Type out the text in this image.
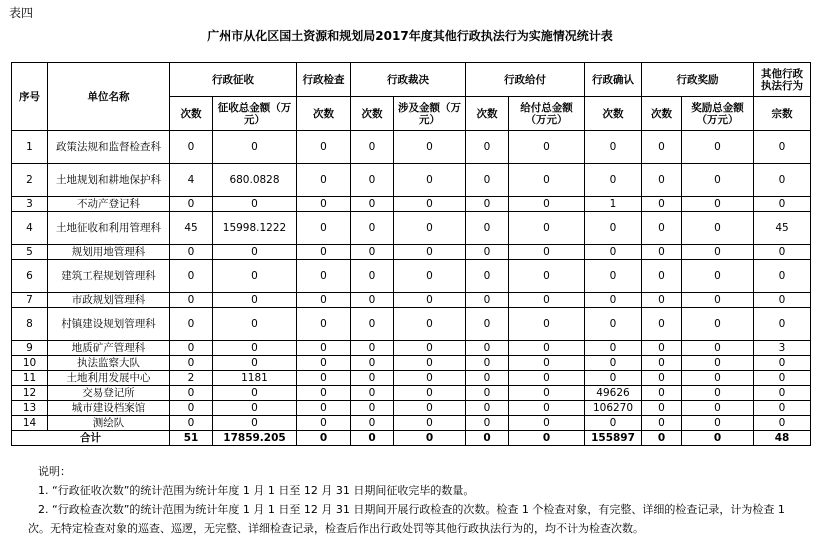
表四
广州市从化区国土资源和规划局2017年度其他行政执法行为实施情况统计表
序号	单位名称	行政征收		行政检查	行政裁决		行政给付		行政确认	行政奖励		其他行政执法行为
		次数	征收总金额（万元）	次数	次数	涉及金额（万元）	次数	给付总金额（万元）	次数	次数	奖励总金额（万元）	宗数
1	政策法规和监督检查科	0	0	0	0	0	0	0	0	0	0	0
2	土地规划和耕地保护科	4	680.0828	0	0	0	0	0	0	0	0	0
3	不动产登记科	0	0	0	0	0	0	0	1	0	0	0
4	土地征收和利用管理科	45	15998.1222	0	0	0	0	0	0	0	0	45
5	规划用地管理科	0	0	0	0	0	0	0	0	0	0	0
6	建筑工程规划管理科	0	0	0	0	0	0	0	0	0	0	0
7	市政规划管理科	0	0	0	0	0	0	0	0	0	0	0
8	村镇建设规划管理科	0	0	0	0	0	0	0	0	0	0	0
9	地质矿产管理科	0	0	0	0	0	0	0	0	0	0	3
10	执法监察大队	0	0	0	0	0	0	0	0	0	0	0
11	土地利用发展中心	2	1181	0	0	0	0	0	0	0	0	0
12	交易登记所	0	0	0	0	0	0	0	49626	0	0	0
13	城市建设档案馆	0	0	0	0	0	0	0	106270	0	0	0
14	测绘队	0	0	0	0	0	0	0	0	0	0	0
合计		51	17859.205	0	0	0	0	0	155897	0	0	48

说明：

1. “行政征收次数”的统计范围为统计年度 1 月 1 日至 12 月 31 日期间征收完毕的数量。

2. “行政检查次数”的统计范围为统计年度 1 月 1 日至 12 月 31 日期间开展行政检查的次数。检查 1 个检查对象，有完整、详细的检查记录，计为检查 1 次。无特定检查对象的巡查、巡逻，无完整、详细检查记录，检查后作出行政处罚等其他行政执法行为的，均不计为检查次数。
